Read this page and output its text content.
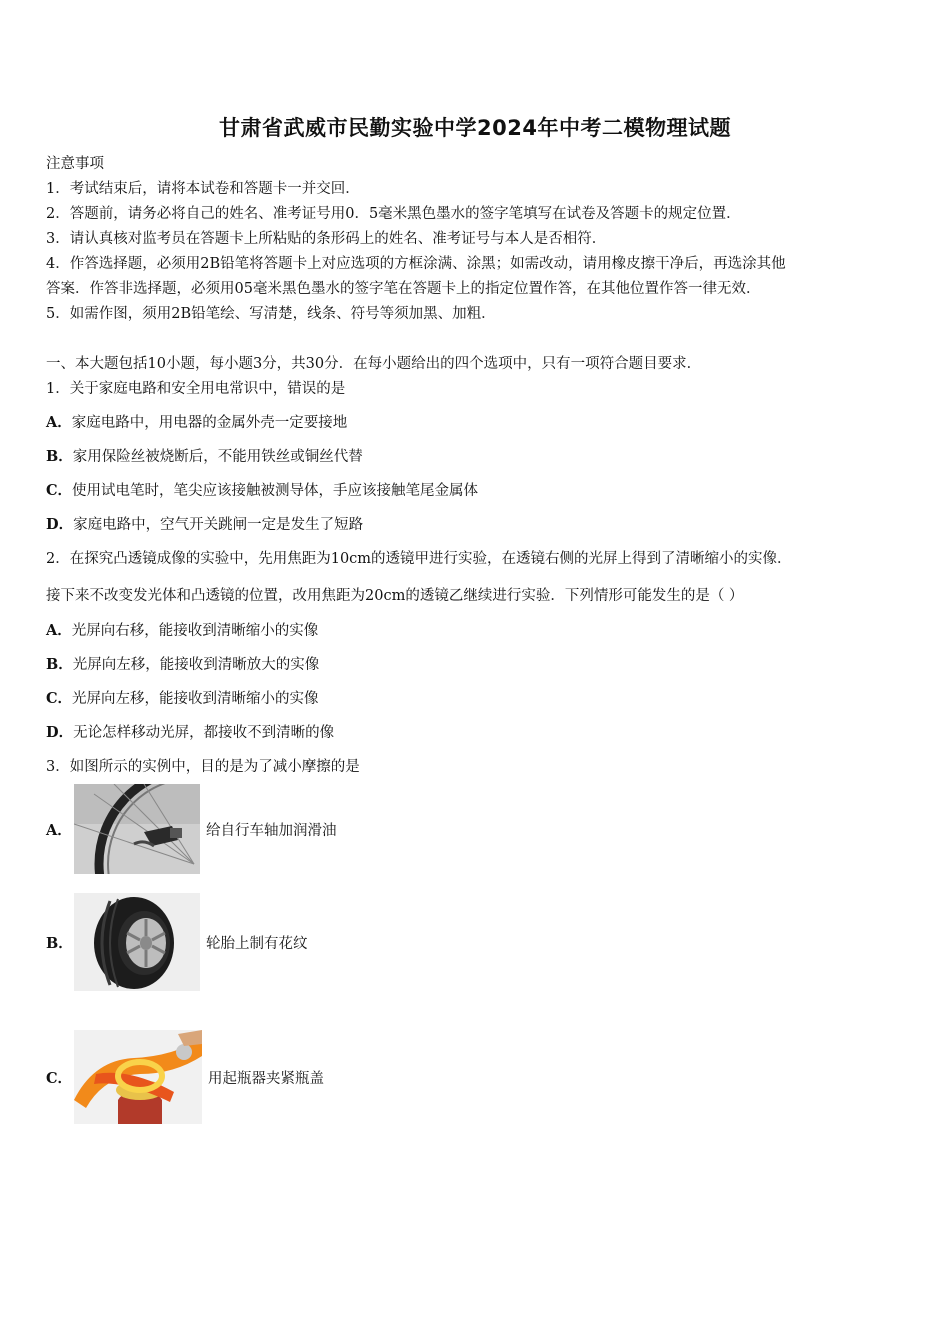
甘肃省武威市民勤实验中学2024年中考二模物理试题
注意事项
1．考试结束后，请将本试卷和答题卡一并交回．
2．答题前，请务必将自己的姓名、准考证号用0．5毫米黑色墨水的签字笔填写在试卷及答题卡的规定位置．
3．请认真核对监考员在答题卡上所粘贴的条形码上的姓名、准考证号与本人是否相符．
4．作答选择题，必须用2B铅笔将答题卡上对应选项的方框涂满、涂黑；如需改动，请用橡皮擦干净后，再选涂其他
答案．作答非选择题，必须用05毫米黑色墨水的签字笔在答题卡上的指定位置作答，在其他位置作答一律无效．
5．如需作图，须用2B铅笔绘、写清楚，线条、符号等须加黑、加粗．
一、本大题包括10小题，每小题3分，共30分．在每小题给出的四个选项中，只有一项符合题目要求．
1．关于家庭电路和安全用电常识中，错误的是
A．家庭电路中，用电器的金属外壳一定要接地
B．家用保险丝被烧断后，不能用铁丝或铜丝代替
C．使用试电笔时，笔尖应该接触被测导体，手应该接触笔尾金属体
D．家庭电路中，空气开关跳闸一定是发生了短路
2．在探究凸透镜成像的实验中，先用焦距为10cm的透镜甲进行实验，在透镜右侧的光屏上得到了清晰缩小的实像．
接下来不改变发光体和凸透镜的位置，改用焦距为20cm的透镜乙继续进行实验．下列情形可能发生的是（ ）
A．光屏向右移，能接收到清晰缩小的实像
B．光屏向左移，能接收到清晰放大的实像
C．光屏向左移，能接收到清晰缩小的实像
D．无论怎样移动光屏，都接收不到清晰的像
3．如图所示的实例中，目的是为了减小摩擦的是
A．	给自行车轴加润滑油
B．	轮胎上制有花纹
C．	用起瓶器夹紧瓶盖
